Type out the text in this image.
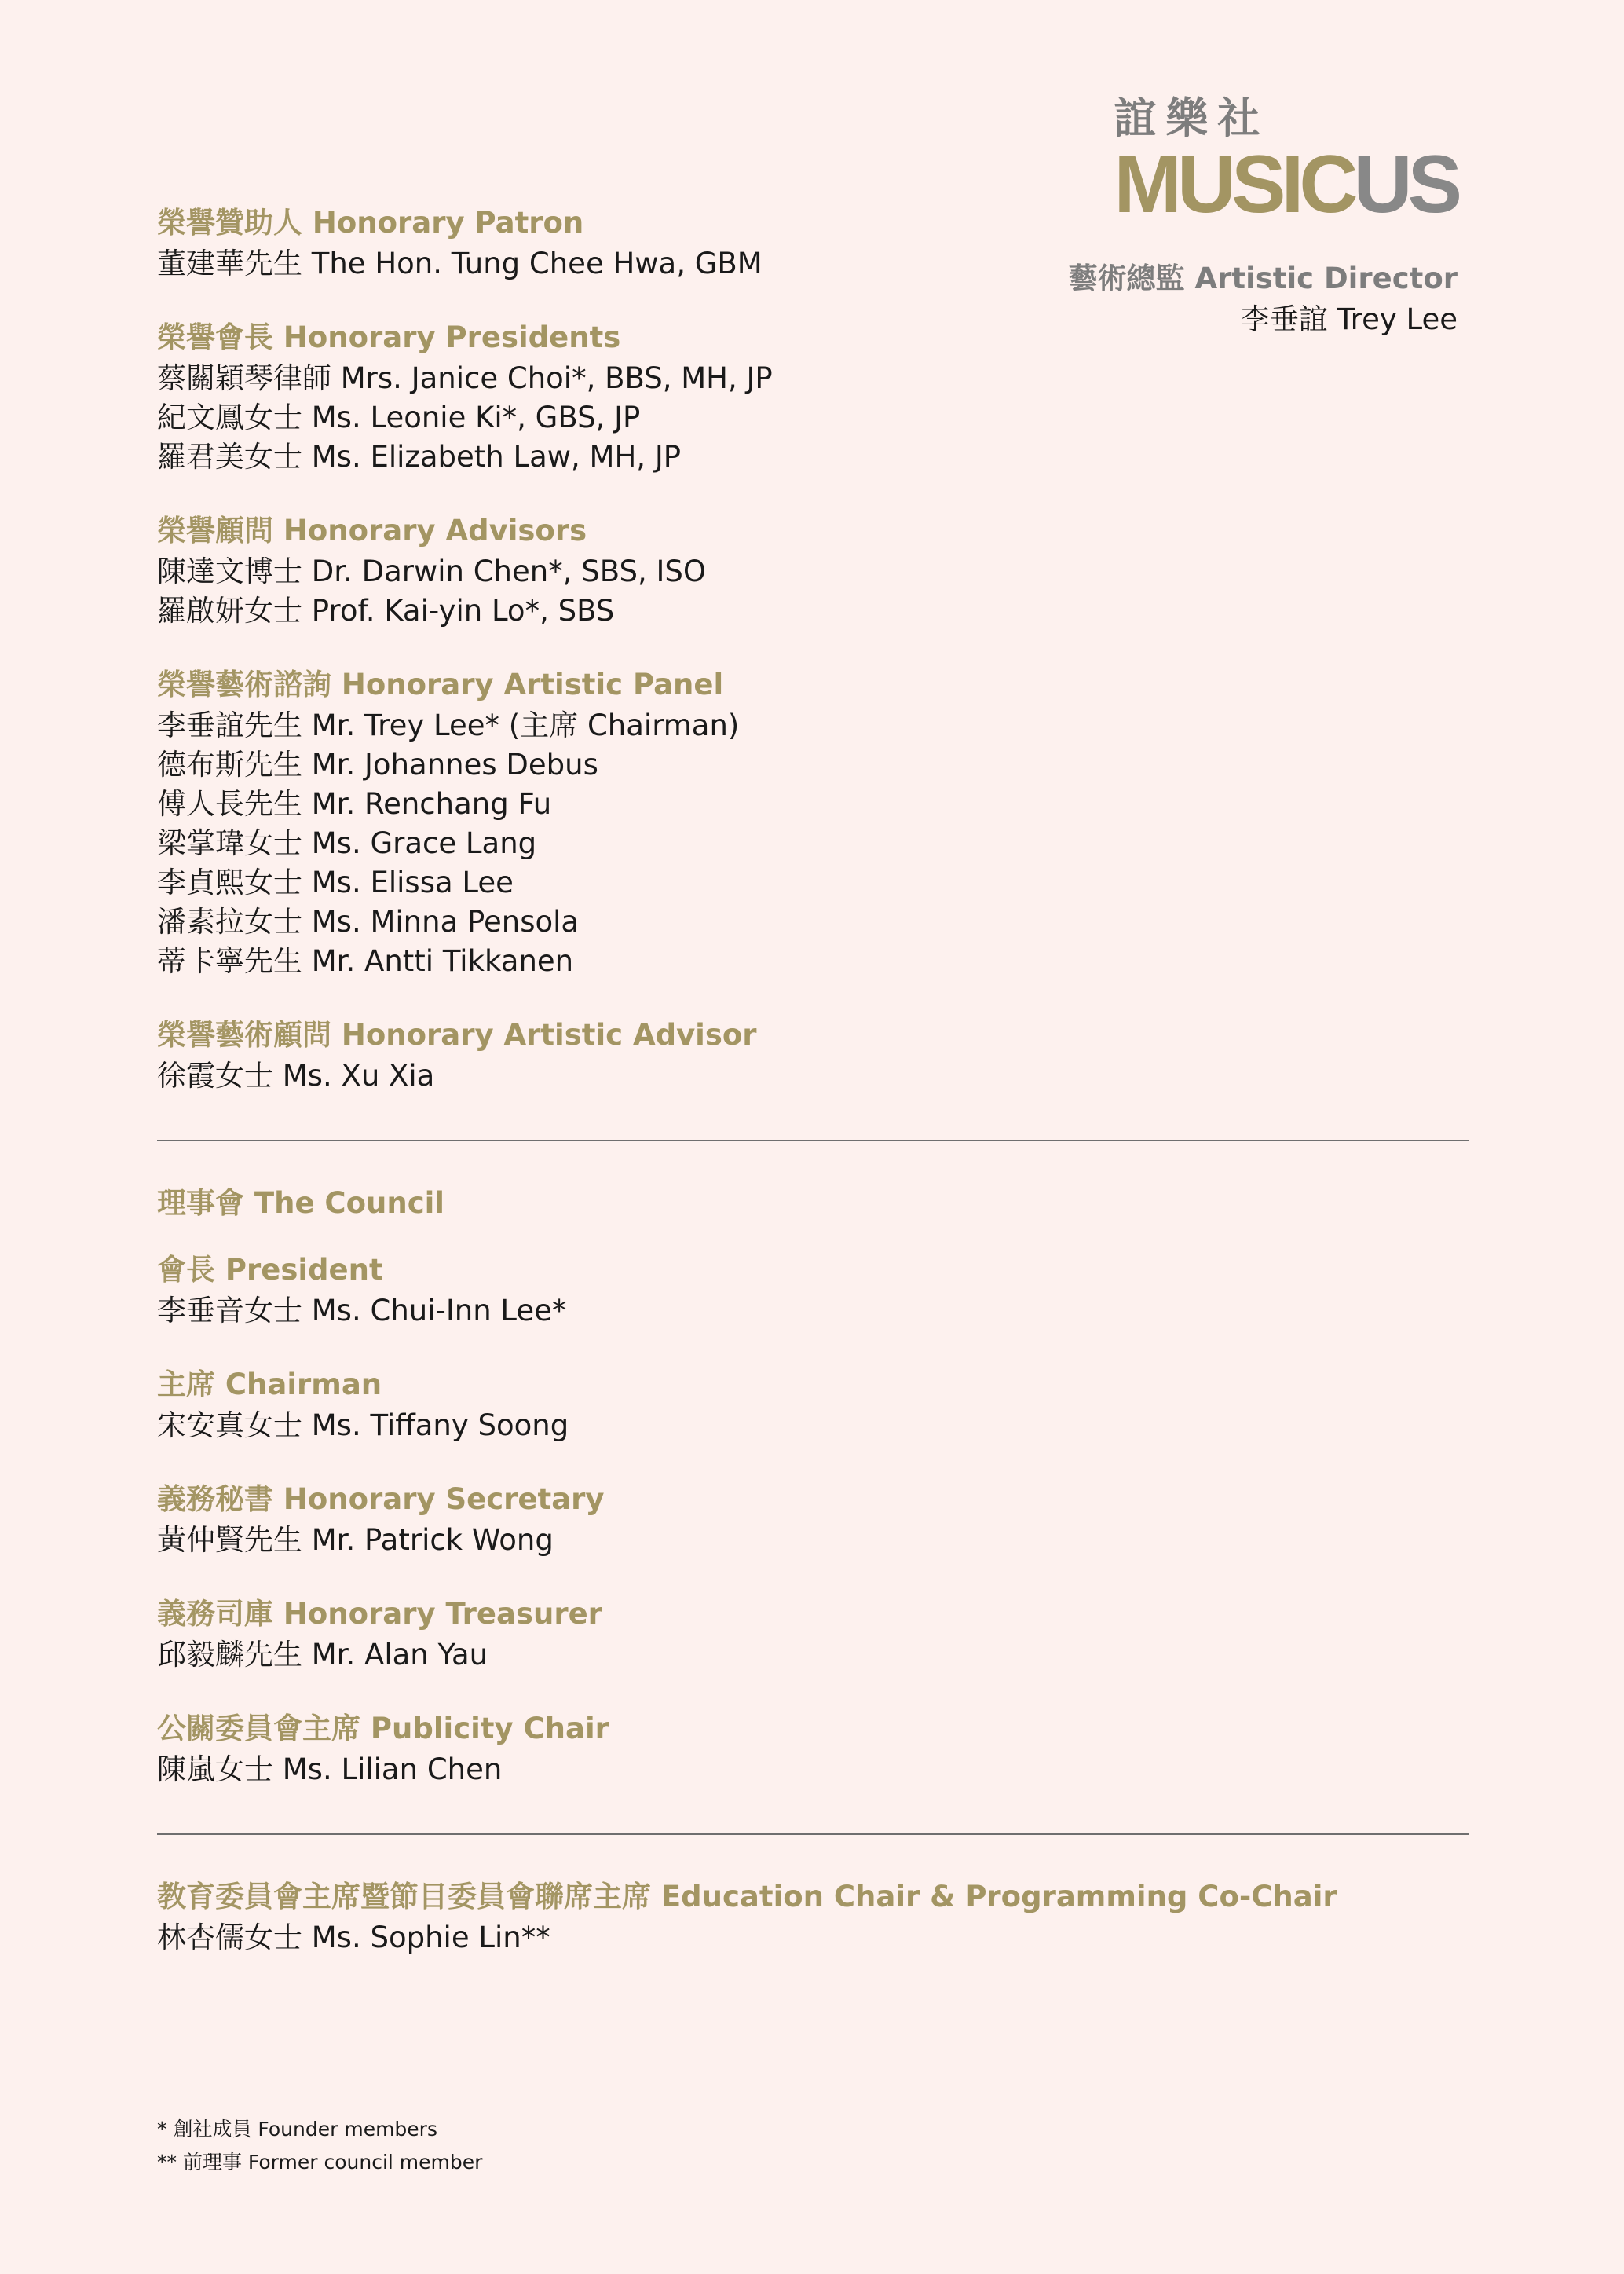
誼樂社
MUSICUS
藝術總監 Artistic Director
李垂誼 Trey Lee
榮譽贊助人 Honorary Patron
董建華先生 The Hon. Tung Chee Hwa, GBM
榮譽會長 Honorary Presidents
蔡關穎琴律師 Mrs. Janice Choi*, BBS, MH, JP
紀文鳳女士 Ms. Leonie Ki*, GBS, JP
羅君美女士 Ms. Elizabeth Law, MH, JP
榮譽顧問 Honorary Advisors
陳達文博士 Dr. Darwin Chen*, SBS, ISO
羅啟妍女士 Prof. Kai-yin Lo*, SBS
榮譽藝術諮詢 Honorary Artistic Panel
李垂誼先生 Mr. Trey Lee* (主席 Chairman)
德布斯先生 Mr. Johannes Debus
傅人長先生 Mr. Renchang Fu
梁掌瑋女士 Ms. Grace Lang
李貞熙女士 Ms. Elissa Lee
潘素拉女士 Ms. Minna Pensola
蒂卡寧先生 Mr. Antti Tikkanen
榮譽藝術顧問 Honorary Artistic Advisor
徐霞女士 Ms. Xu Xia
理事會 The Council
會長 President
李垂音女士 Ms. Chui-Inn Lee*
主席 Chairman
宋安真女士 Ms. Tiffany Soong
義務秘書 Honorary Secretary
黃仲賢先生 Mr. Patrick Wong
義務司庫 Honorary Treasurer
邱毅麟先生 Mr. Alan Yau
公關委員會主席 Publicity Chair
陳嵐女士 Ms. Lilian Chen
教育委員會主席暨節目委員會聯席主席 Education Chair & Programming Co-Chair
林杏儒女士 Ms. Sophie Lin**
* 創社成員 Founder members
** 前理事 Former council member
